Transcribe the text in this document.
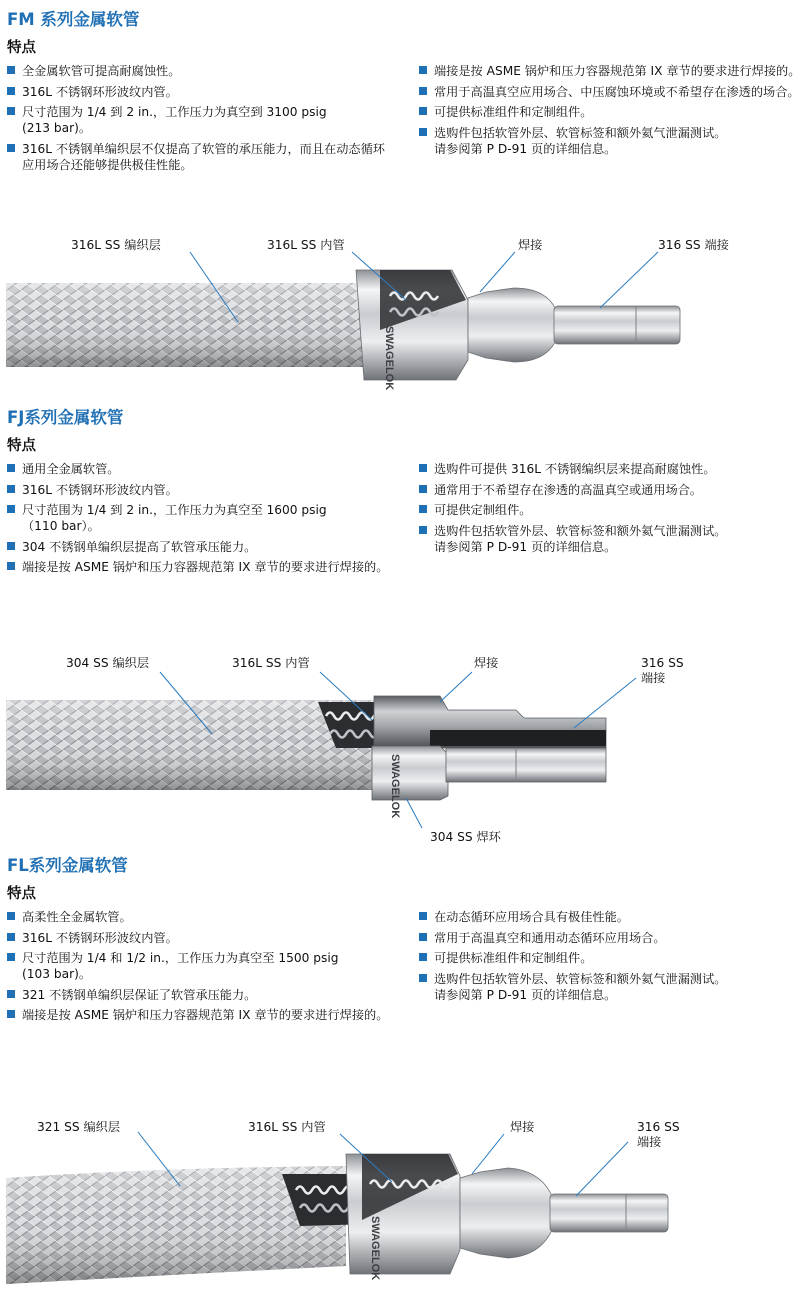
FM 系列金属软管
特点
全金属软管可提高耐腐蚀性。
316L 不锈钢环形波纹内管。
尺寸范围为 1/4 到 2 in.，工作压力为真空到 3100 psig
(213 bar)。
316L 不锈钢单编织层不仅提高了软管的承压能力，而且在动态循环应用场合还能够提供极佳性能。
端接是按 ASME 锅炉和压力容器规范第 IX 章节的要求进行焊接的。
常用于高温真空应用场合、中压腐蚀环境或不希望存在渗透的场合。
可提供标准组件和定制组件。
选购件包括软管外层、软管标签和额外氦气泄漏测试。
请参阅第 P D-91 页的详细信息。
SWAGELOK
316L SS 编织层	316L SS 内管	焊接	316 SS 端接
FJ系列金属软管
特点
通用全金属软管。
316L 不锈钢环形波纹内管。
尺寸范围为 1/4 到 2 in.，工作压力为真空至 1600 psig
（110 bar）。
304 不锈钢单编织层提高了软管承压能力。
端接是按 ASME 锅炉和压力容器规范第 IX 章节的要求进行焊接的。
选购件可提供 316L 不锈钢编织层来提高耐腐蚀性。
通常用于不希望存在渗透的高温真空或通用场合。
可提供定制组件。
选购件包括软管外层、软管标签和额外氦气泄漏测试。
请参阅第 P D-91 页的详细信息。
SWAGELOK
304 SS 编织层	316L SS 内管	焊接	316 SS
端接
304 SS 焊环
FL系列金属软管
特点
高柔性全金属软管。
316L 不锈钢环形波纹内管。
尺寸范围为 1/4 和 1/2 in.，工作压力为真空至 1500 psig
(103 bar)。
321 不锈钢单编织层保证了软管承压能力。
端接是按 ASME 锅炉和压力容器规范第 IX 章节的要求进行焊接的。
在动态循环应用场合具有极佳性能。
常用于高温真空和通用动态循环应用场合。
可提供标准组件和定制组件。
选购件包括软管外层、软管标签和额外氦气泄漏测试。
请参阅第 P D-91 页的详细信息。
SWAGELOK
321 SS 编织层	316L SS 内管	焊接	316 SS
端接
